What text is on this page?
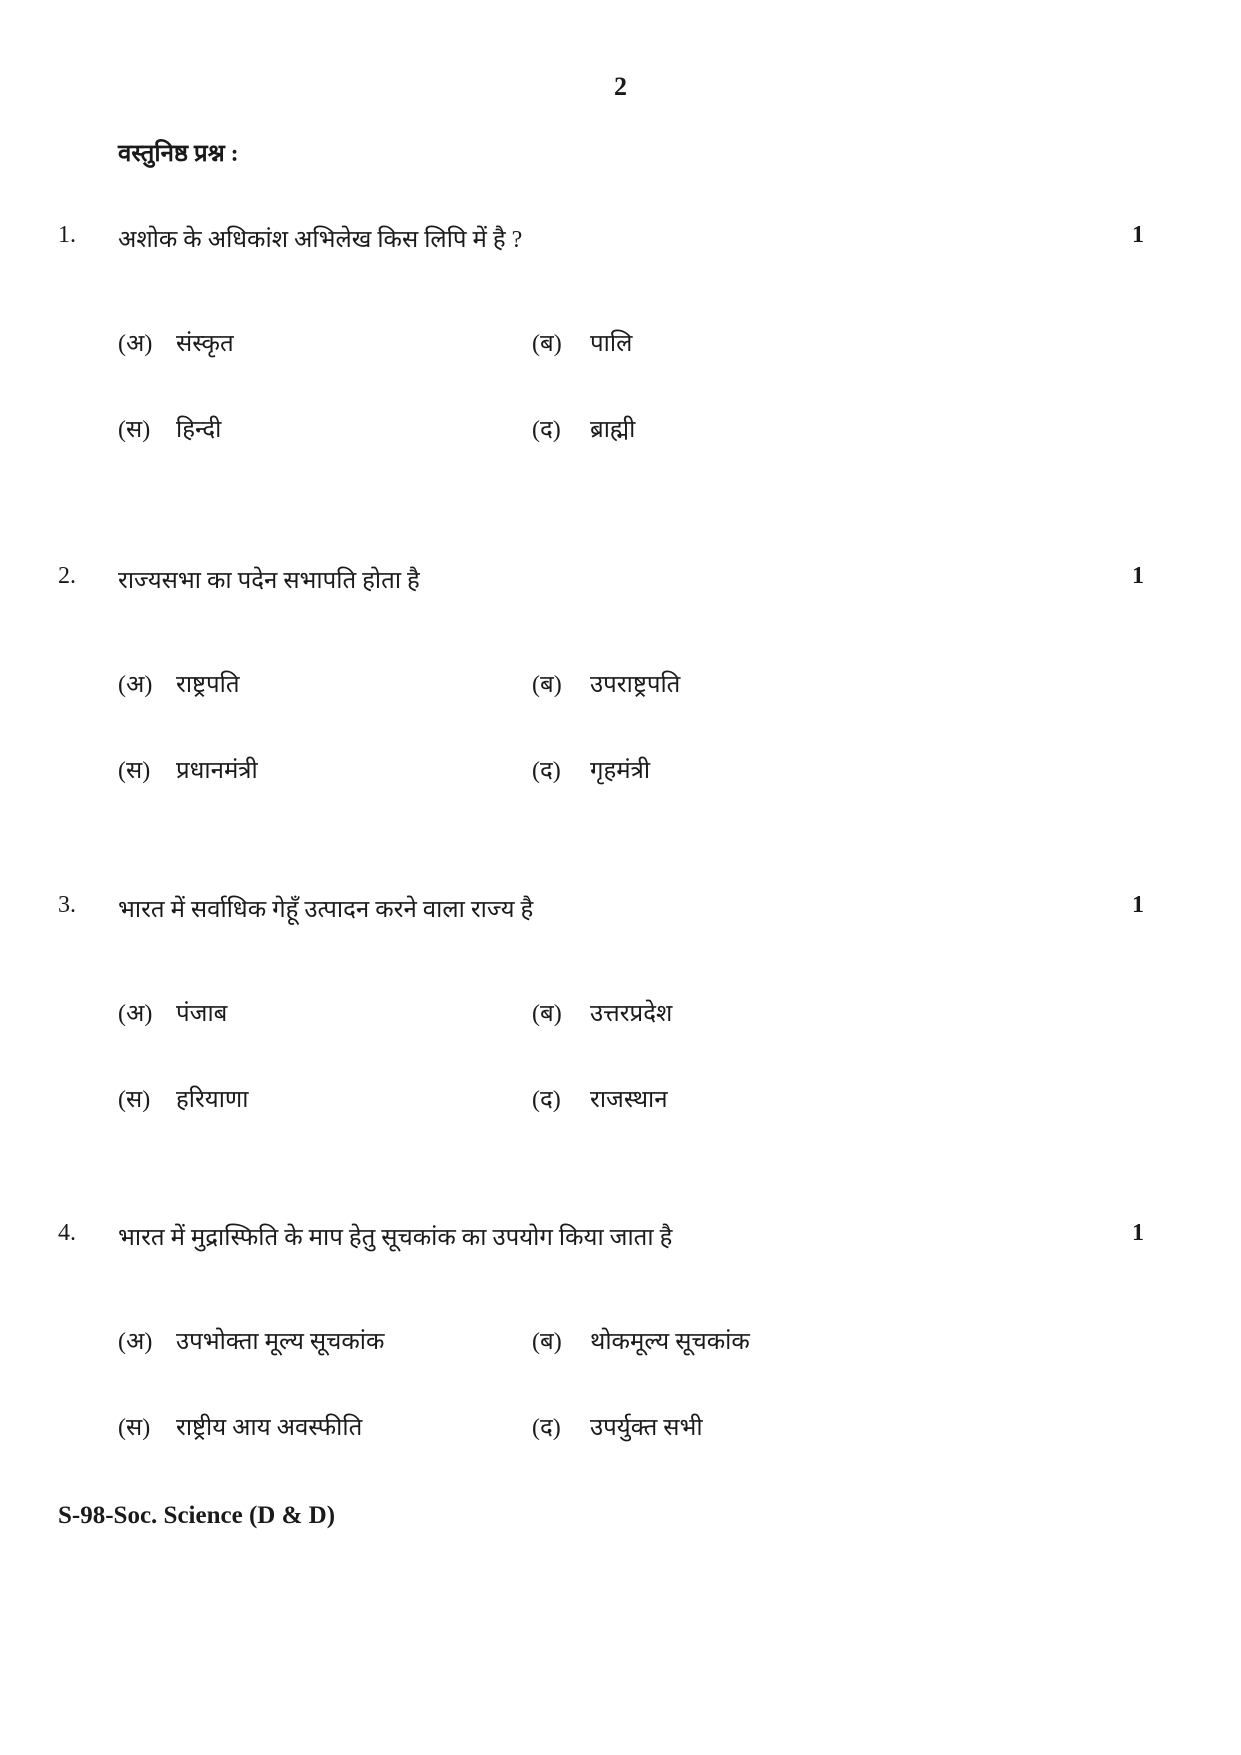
2
वस्तुनिष्ठ प्रश्न :
1. अशोक के अधिकांश अभिलेख किस लिपि में है ?	1
(अ) संस्कृत	(ब) पालि
(स) हिन्दी	(द) ब्राह्मी
2. राज्यसभा का पदेन सभापति होता है	1
(अ) राष्ट्रपति	(ब) उपराष्ट्रपति
(स) प्रधानमंत्री	(द) गृहमंत्री
3. भारत में सर्वाधिक गेहूँ उत्पादन करने वाला राज्य है	1
(अ) पंजाब	(ब) उत्तरप्रदेश
(स) हरियाणा	(द) राजस्थान
4. भारत में मुद्रास्फिति के माप हेतु सूचकांक का उपयोग किया जाता है	1
(अ) उपभोक्ता मूल्य सूचकांक	(ब) थोकमूल्य सूचकांक
(स) राष्ट्रीय आय अवस्फीति	(द) उपर्युक्त सभी
S-98-Soc. Science (D & D)
